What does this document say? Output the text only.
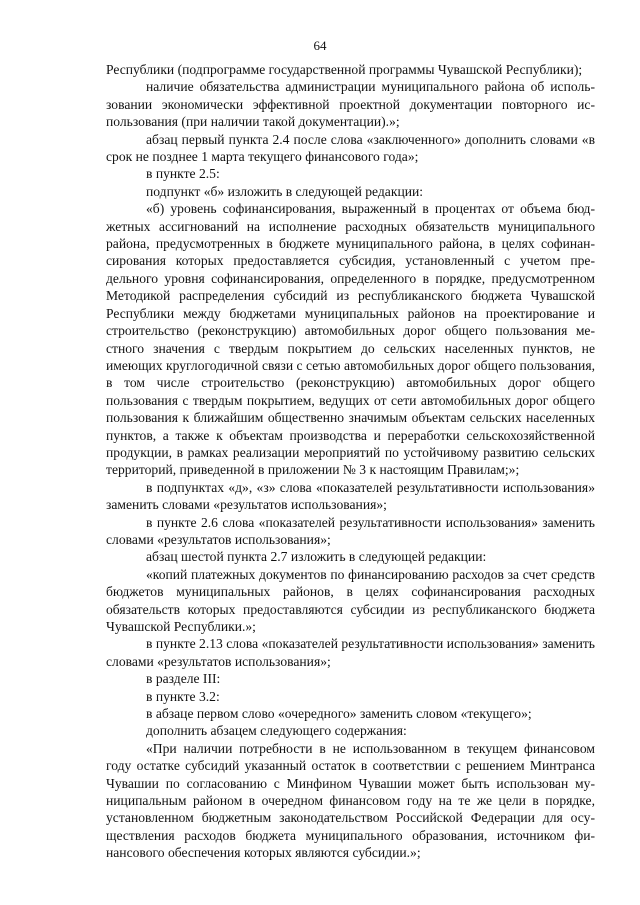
64

Республики (подпрограмме государственной программы Чувашской Республики);

наличие обязательства администрации муниципального района об использовании экономически эффективной проектной документации повторного использования (при наличии такой документации).»;

абзац первый пункта 2.4 после слова «заключенного» дополнить словами «в срок не позднее 1 марта текущего финансового года»;

в пункте 2.5:

подпункт «б» изложить в следующей редакции:

«б) уровень софинансирования, выраженный в процентах от объема бюджетных ассигнований на исполнение расходных обязательств муниципального района, предусмотренных в бюджете муниципального района, в целях софинансирования которых предоставляется субсидия, установленный с учетом предельного уровня софинансирования, определенного в порядке, предусмотренном Методикой распределения субсидий из республиканского бюджета Чувашской Республики между бюджетами муниципальных районов на проектирование и строительство (реконструкцию) автомобильных дорог общего пользования местного значения с твердым покрытием до сельских населенных пунктов, не имеющих круглогодичной связи с сетью автомобильных дорог общего пользования, в том числе строительство (реконструкцию) автомобильных дорог общего пользования с твердым покрытием, ведущих от сети автомобильных дорог общего пользования к ближайшим общественно значимым объектам сельских населенных пунктов, а также к объектам производства и переработки сельскохозяйственной продукции, в рамках реализации мероприятий по устойчивому развитию сельских территорий, приведенной в приложении № 3 к настоящим Правилам;»;

в подпунктах «д», «з» слова «показателей результативности использования» заменить словами «результатов использования»;

в пункте 2.6 слова «показателей результативности использования» заменить словами «результатов использования»;

абзац шестой пункта 2.7 изложить в следующей редакции:

«копий платежных документов по финансированию расходов за счет средств бюджетов муниципальных районов, в целях софинансирования расходных обязательств которых предоставляются субсидии из республиканского бюджета Чувашской Республики.»;

в пункте 2.13 слова «показателей результативности использования» заменить словами «результатов использования»;

в разделе III:

в пункте 3.2:

в абзаце первом слово «очередного» заменить словом «текущего»;

дополнить абзацем следующего содержания:

«При наличии потребности в не использованном в текущем финансовом году остатке субсидий указанный остаток в соответствии с решением Минтранса Чувашии по согласованию с Минфином Чувашии может быть использован муниципальным районом в очередном финансовом году на те же цели в порядке, установленном бюджетным законодательством Российской Федерации для осуществления расходов бюджета муниципального образования, источником финансового обеспечения которых являются субсидии.»;
